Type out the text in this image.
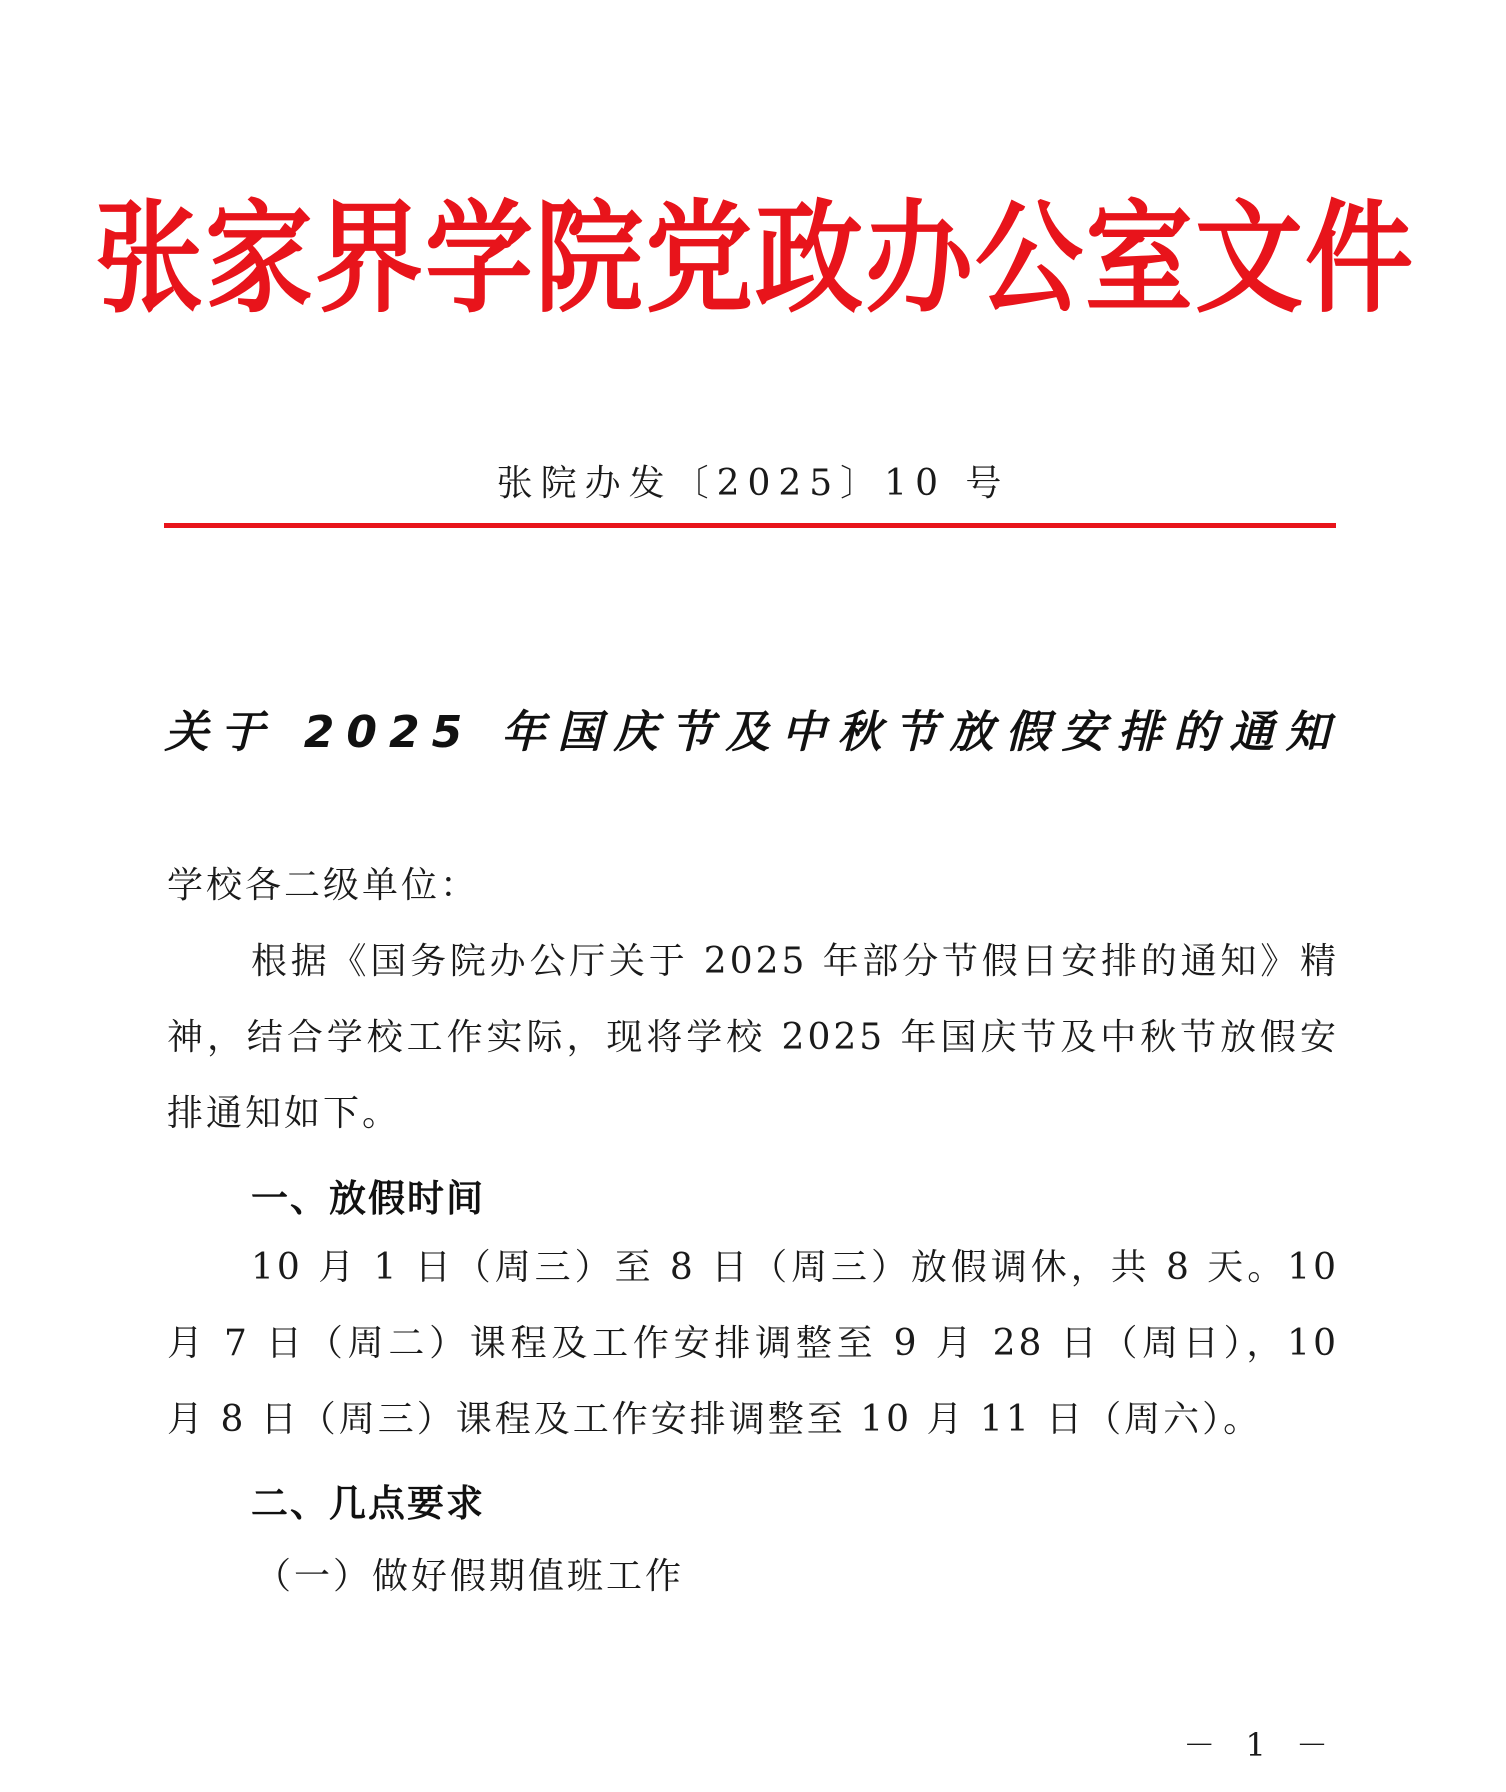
张家界学院党政办公室文件
张院办发〔2025〕10 号
关于 2025 年国庆节及中秋节放假安排的通知
学校各二级单位：
根据《国务院办公厅关于 2025 年部分节假日安排的通知》精神，结合学校工作实际，现将学校 2025 年国庆节及中秋节放假安排通知如下。
一、放假时间
10 月 1 日（周三）至 8 日（周三）放假调休，共 8 天。10 月 7 日（周二）课程及工作安排调整至 9 月 28 日（周日），10 月 8 日（周三）课程及工作安排调整至 10 月 11 日（周六）。
二、几点要求
（一）做好假期值班工作
－ 1 －
